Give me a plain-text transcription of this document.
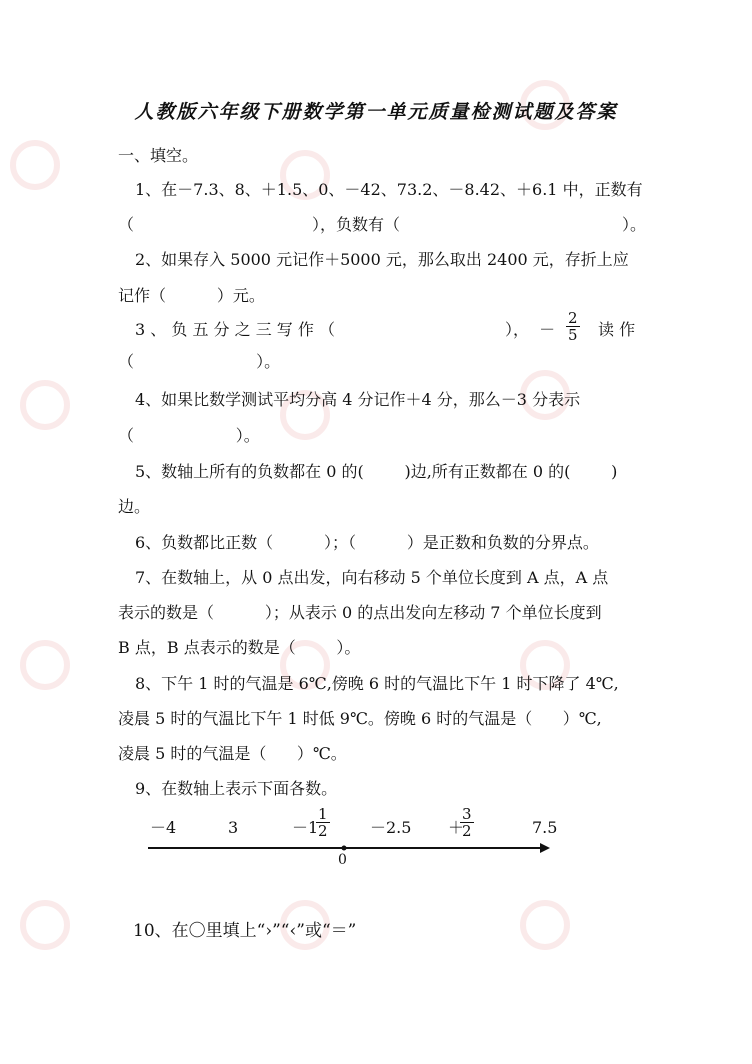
人教版六年级下册数学第一单元质量检测试题及答案
一、填空。
1、在－7.3、8、＋1.5、0、－42、73.2、－8.42、＋6.1 中，正数有
（	），负数有（	）。
2、如果存入 5000 元记作＋5000 元，那么取出 2400 元，存折上应
记作（          ）元。
3 、 负 五 分 之 三 写 作 （	），  － $\frac{2}{5}$ 读 作
（                        ）。
4、如果比数学测试平均分高 4 分记作＋4 分，那么－3 分表示
（                    ）。
5、数轴上所有的负数都在 0 的(        )边,所有正数都在 0 的(        )
边。
6、负数都比正数（          ）；（          ）是正数和负数的分界点。
7、在数轴上，从 0 点出发，向右移动 5 个单位长度到 A 点，A 点
表示的数是（          ）；从表示 0 的点出发向左移动 7 个单位长度到
B 点，B 点表示的数是（        ）。
8、下午 1 时的气温是 6℃,傍晚 6 时的气温比下午 1 时下降了 4℃,
凌晨 5 时的气温比下午 1 时低 9℃。傍晚 6 时的气温是（      ）℃,
凌晨 5 时的气温是（      ）℃。
9、在数轴上表示下面各数。
－4	3	－1
$\frac{1}{2}$	－2.5 ＋
$\frac{3}{2}$	7.5
0
10、在〇里填上“›”“‹”或“＝”
